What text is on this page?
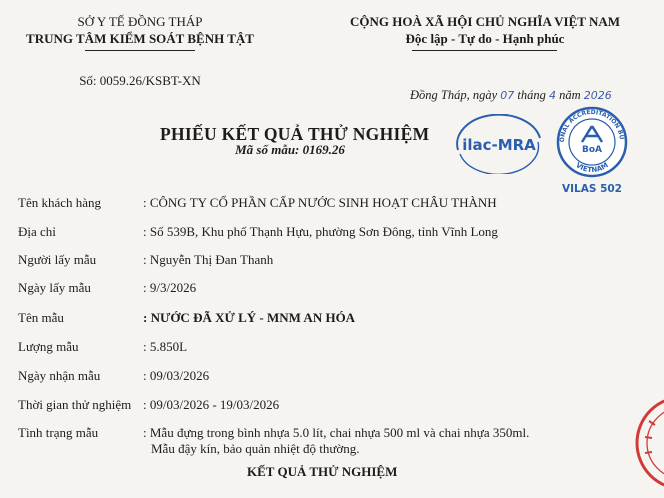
SỞ Y TẾ ĐỒNG THÁP
TRUNG TÂM KIỂM SOÁT BỆNH TẬT
Số: 0059.26/KSBT-XN
CỘNG HOÀ XÃ HỘI CHỦ NGHĨA VIỆT NAM
Độc lập - Tự do - Hạnh phúc
Đồng Tháp, ngày 07 tháng 4 năm 2026
PHIẾU KẾT QUẢ THỬ NGHIỆM
Mã số mẫu: 0169.26	ilac-MRA	ONAL ACCREDITATION BU
VIETNAM
BoA
VILAS 502
Tên khách hàng	: CÔNG TY CỔ PHẦN CẤP NƯỚC SINH HOẠT CHÂU THÀNH
Địa chỉ	: Số 539B, Khu phố Thạnh Hựu, phường Sơn Đông, tỉnh Vĩnh Long
Người lấy mẫu	: Nguyễn Thị Đan Thanh
Ngày lấy mẫu	: 9/3/2026
Tên mẫu	: NƯỚC ĐÃ XỬ LÝ - MNM AN HÓA
Lượng mẫu	: 5.850L
Ngày nhận mẫu	: 09/03/2026
Thời gian thử nghiệm : 09/03/2026 - 19/03/2026
Tình trạng mẫu	: Mẫu đựng trong bình nhựa 5.0 lít, chai nhựa 500 ml và chai nhựa 350ml.
Mẫu đậy kín, bảo quản nhiệt độ thường.
KẾT QUẢ THỬ NGHIỆM
